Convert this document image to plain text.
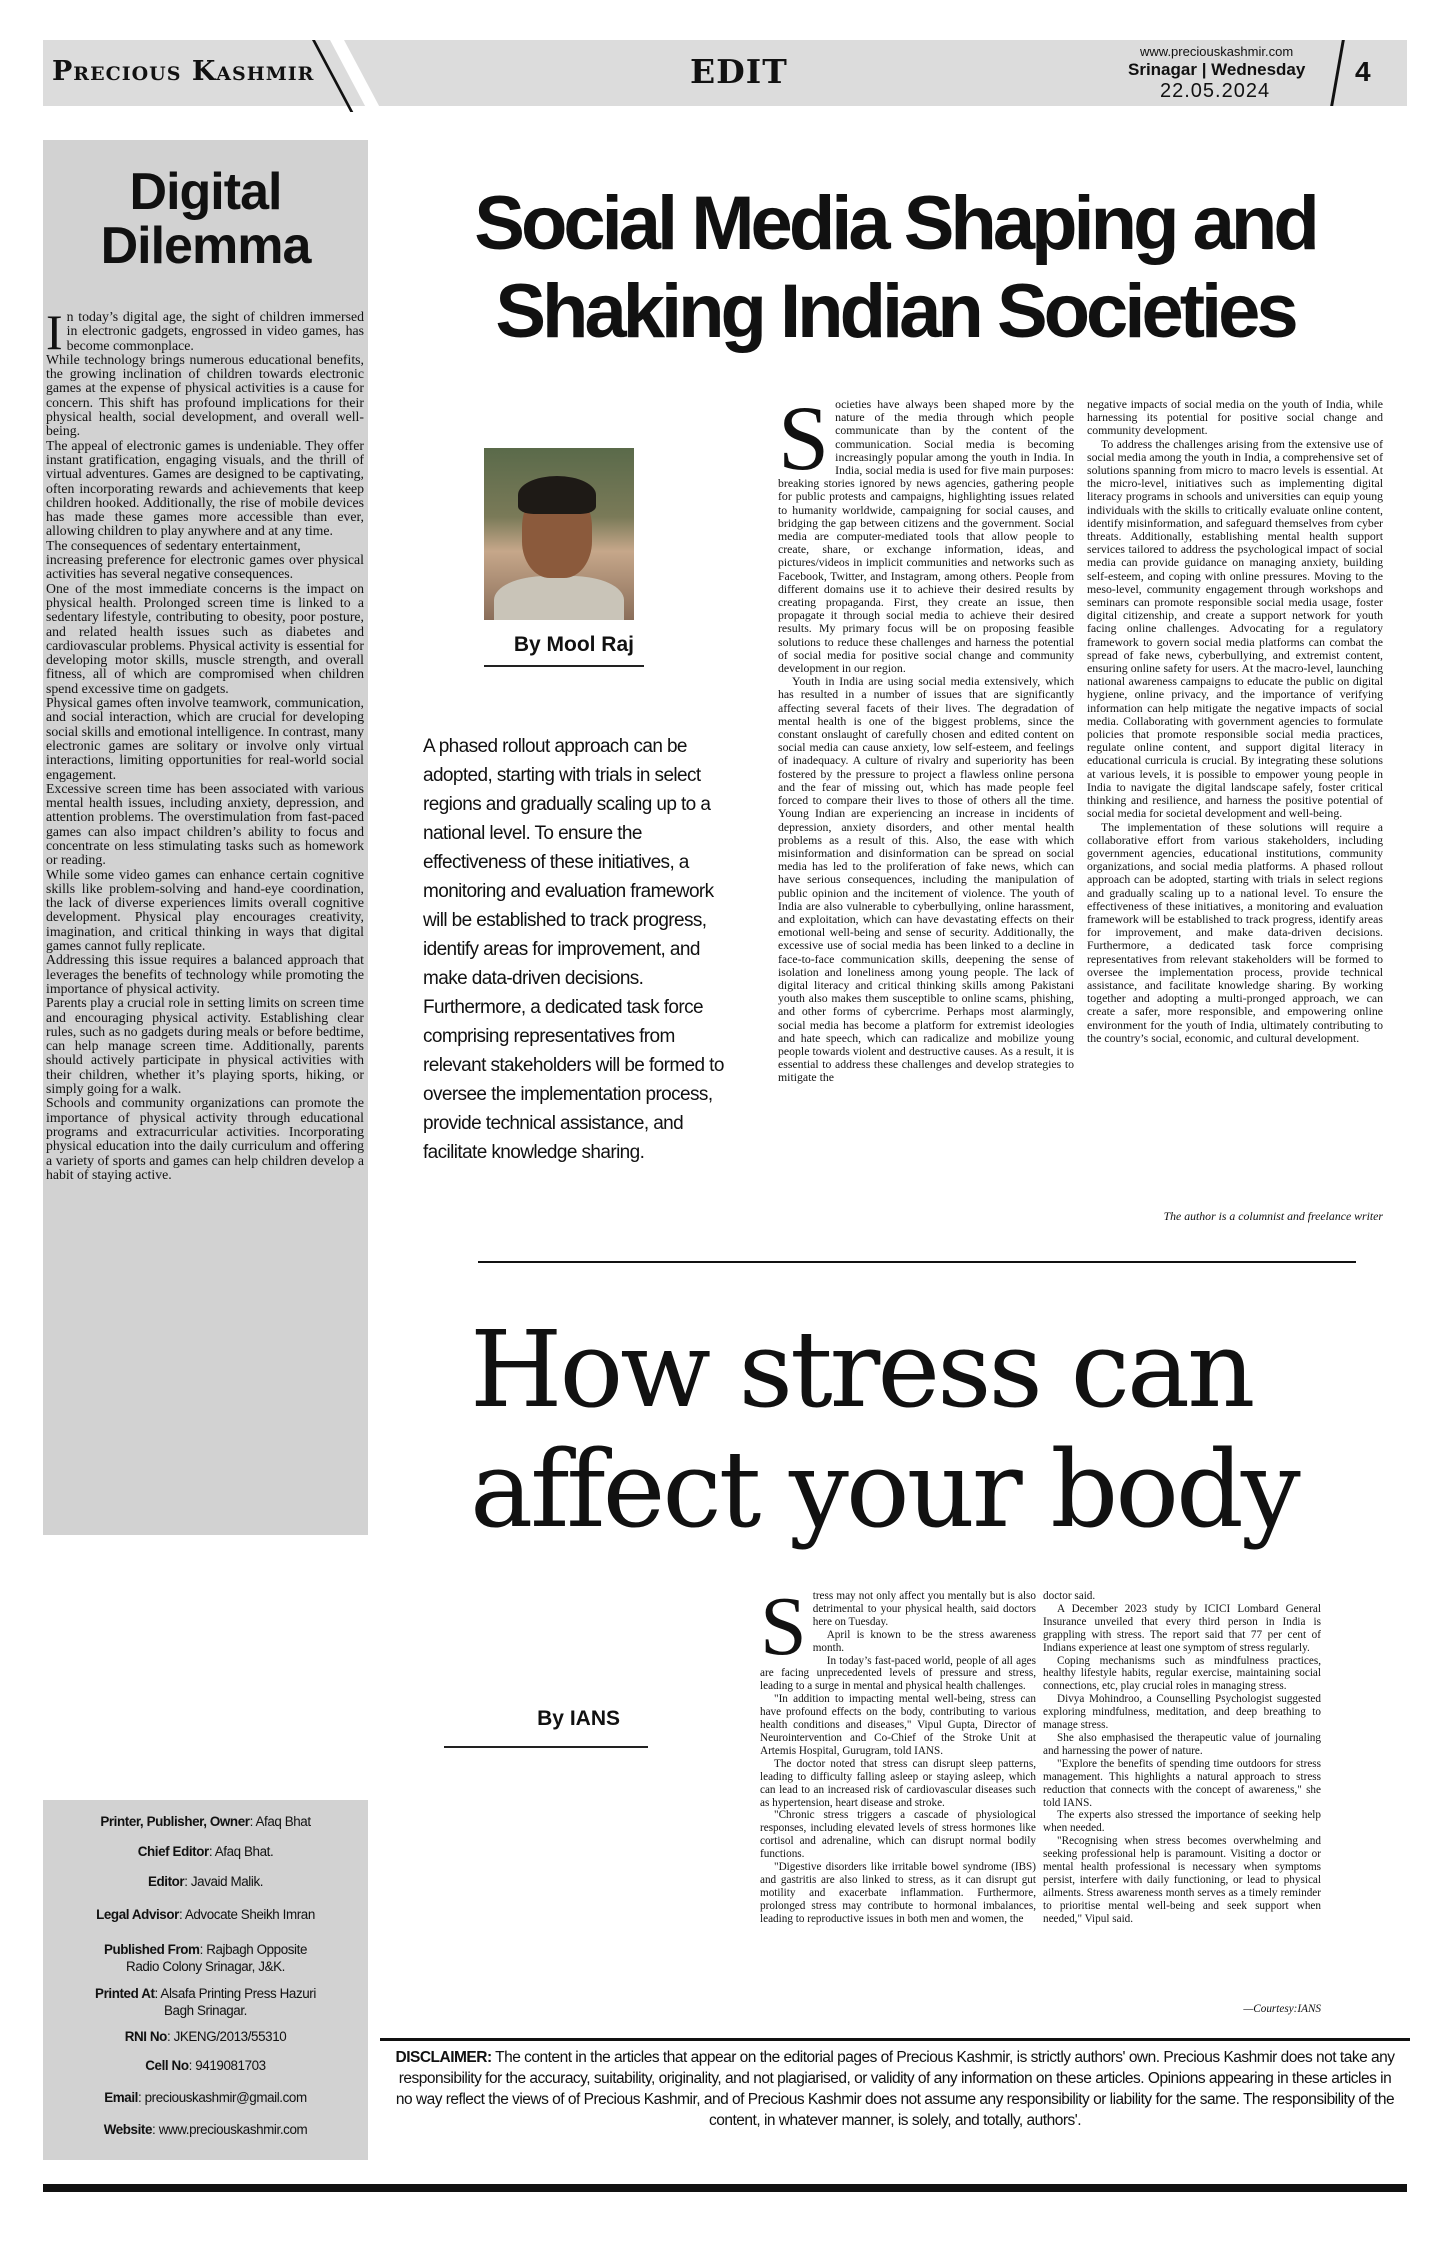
Precious Kashmir	EDIT
www.preciouskashmir.com
Srinagar | Wednesday
22.05.2024
4
Digital
Dilemma

In today’s digital age, the sight of children immersed in electronic gadgets, engrossed in video games, has become commonplace.

While technology brings numerous educational benefits, the growing inclination of children towards electronic games at the expense of physical activities is a cause for concern. This shift has profound implications for their physical health, social development, and overall well-being.

The appeal of electronic games is undeniable. They offer instant gratification, engaging visuals, and the thrill of virtual adventures. Games are designed to be captivating, often incorporating rewards and achievements that keep children hooked. Additionally, the rise of mobile devices has made these games more accessible than ever, allowing children to play anywhere and at any time.

The consequences of sedentary entertainment,

increasing preference for electronic games over physical activities has several negative consequences.

One of the most immediate concerns is the impact on physical health. Prolonged screen time is linked to a sedentary lifestyle, contributing to obesity, poor posture, and related health issues such as diabetes and cardiovascular problems. Physical activity is essential for developing motor skills, muscle strength, and overall fitness, all of which are compromised when children spend excessive time on gadgets.

Physical games often involve teamwork, communication, and social interaction, which are crucial for developing social skills and emotional intelligence. In contrast, many electronic games are solitary or involve only virtual interactions, limiting opportunities for real-world social engagement.

Excessive screen time has been associated with various mental health issues, including anxiety, depression, and attention problems. The overstimulation from fast-paced games can also impact children’s ability to focus and concentrate on less stimulating tasks such as homework or reading.

While some video games can enhance certain cognitive skills like problem-solving and hand-eye coordination, the lack of diverse experiences limits overall cognitive development. Physical play encourages creativity, imagination, and critical thinking in ways that digital games cannot fully replicate.

Addressing this issue requires a balanced approach that leverages the benefits of technology while promoting the importance of physical activity.

Parents play a crucial role in setting limits on screen time and encouraging physical activity. Establishing clear rules, such as no gadgets during meals or before bedtime, can help manage screen time. Additionally, parents should actively participate in physical activities with their children, whether it’s playing sports, hiking, or simply going for a walk.

Schools and community organizations can promote the importance of physical activity through educational programs and extracurricular activities. Incorporating physical education into the daily curriculum and offering a variety of sports and games can help children develop a habit of staying active.

Social Media Shaping and
Shaking Indian Societies
By Mool Raj
A phased rollout approach can be adopted, starting with trials in select regions and gradually scaling up to a national level. To ensure the effectiveness of these initiatives, a monitoring and evaluation framework will be established to track progress, identify areas for improvement, and make data-driven decisions. Furthermore, a dedicated task force comprising representatives from relevant stakeholders will be formed to oversee the implementation process, provide technical assistance, and facilitate knowledge sharing.

Societies have always been shaped more by the nature of the media through which people communicate than by the content of the communication. Social media is becoming increasingly popular among the youth in India. In India, social media is used for five main purposes: breaking stories ignored by news agencies, gathering people for public protests and campaigns, highlighting issues related to humanity worldwide, campaigning for social causes, and bridging the gap between citizens and the government. Social media are computer-mediated tools that allow people to create, share, or exchange information, ideas, and pictures/videos in implicit communities and networks such as Facebook, Twitter, and Instagram, among others. People from different domains use it to achieve their desired results by creating propaganda. First, they create an issue, then propagate it through social media to achieve their desired results. My primary focus will be on proposing feasible solutions to reduce these challenges and harness the potential of social media for positive social change and community development in our region.

Youth in India are using social media extensively, which has resulted in a number of issues that are significantly affecting several facets of their lives. The degradation of mental health is one of the biggest problems, since the constant onslaught of carefully chosen and edited content on social media can cause anxiety, low self-esteem, and feelings of inadequacy. A culture of rivalry and superiority has been fostered by the pressure to project a flawless online persona and the fear of missing out, which has made people feel forced to compare their lives to those of others all the time. Young Indian are experiencing an increase in incidents of depression, anxiety disorders, and other mental health problems as a result of this. Also, the ease with which misinformation and disinformation can be spread on social media has led to the proliferation of fake news, which can have serious consequences, including the manipulation of public opinion and the incitement of violence. The youth of India are also vulnerable to cyberbullying, online harassment, and exploitation, which can have devastating effects on their emotional well-being and sense of security. Additionally, the excessive use of social media has been linked to a decline in face-to-face communication skills, deepening the sense of isolation and loneliness among young people. The lack of digital literacy and critical thinking skills among Pakistani youth also makes them susceptible to online scams, phishing, and other forms of cybercrime. Perhaps most alarmingly, social media has become a platform for extremist ideologies and hate speech, which can radicalize and mobilize young people towards violent and destructive causes. As a result, it is essential to address these challenges and develop strategies to mitigate the

negative impacts of social media on the youth of India, while harnessing its potential for positive social change and community development.

To address the challenges arising from the extensive use of social media among the youth in India, a comprehensive set of solutions spanning from micro to macro levels is essential. At the micro-level, initiatives such as implementing digital literacy programs in schools and universities can equip young individuals with the skills to critically evaluate online content, identify misinformation, and safeguard themselves from cyber threats. Additionally, establishing mental health support services tailored to address the psychological impact of social media can provide guidance on managing anxiety, building self-esteem, and coping with online pressures. Moving to the meso-level, community engagement through workshops and seminars can promote responsible social media usage, foster digital citizenship, and create a support network for youth facing online challenges. Advocating for a regulatory framework to govern social media platforms can combat the spread of fake news, cyberbullying, and extremist content, ensuring online safety for users. At the macro-level, launching national awareness campaigns to educate the public on digital hygiene, online privacy, and the importance of verifying information can help mitigate the negative impacts of social media. Collaborating with government agencies to formulate policies that promote responsible social media practices, regulate online content, and support digital literacy in educational curricula is crucial. By integrating these solutions at various levels, it is possible to empower young people in India to navigate the digital landscape safely, foster critical thinking and resilience, and harness the positive potential of social media for societal development and well-being.

The implementation of these solutions will require a collaborative effort from various stakeholders, including government agencies, educational institutions, community organizations, and social media platforms. A phased rollout approach can be adopted, starting with trials in select regions and gradually scaling up to a national level. To ensure the effectiveness of these initiatives, a monitoring and evaluation framework will be established to track progress, identify areas for improvement, and make data-driven decisions. Furthermore, a dedicated task force comprising representatives from relevant stakeholders will be formed to oversee the implementation process, provide technical assistance, and facilitate knowledge sharing. By working together and adopting a multi-pronged approach, we can create a safer, more responsible, and empowering online environment for the youth of India, ultimately contributing to the country’s social, economic, and cultural development.

The author is a columnist and freelance writer
How stress can
affect your body
By IANS

Stress may not only affect you mentally but is also detrimental to your physical health, said doctors here on Tuesday.

April is known to be the stress awareness month.

In today’s fast-paced world, people of all ages are facing unprecedented levels of pressure and stress, leading to a surge in mental and physical health challenges.

"In addition to impacting mental well-being, stress can have profound effects on the body, contributing to various health conditions and diseases," Vipul Gupta, Director of Neurointervention and Co-Chief of the Stroke Unit at Artemis Hospital, Gurugram, told IANS.

The doctor noted that stress can disrupt sleep patterns, leading to difficulty falling asleep or staying asleep, which can lead to an increased risk of cardiovascular diseases such as hypertension, heart disease and stroke.

"Chronic stress triggers a cascade of physiological responses, including elevated levels of stress hormones like cortisol and adrenaline, which can disrupt normal bodily functions.

"Digestive disorders like irritable bowel syndrome (IBS) and gastritis are also linked to stress, as it can disrupt gut motility and exacerbate inflammation. Furthermore, prolonged stress may contribute to hormonal imbalances, leading to reproductive issues in both men and women, the

doctor said.

A December 2023 study by ICICI Lombard General Insurance unveiled that every third person in India is grappling with stress. The report said that 77 per cent of Indians experience at least one symptom of stress regularly.

Coping mechanisms such as mindfulness practices, healthy lifestyle habits, regular exercise, maintaining social connections, etc, play crucial roles in managing stress.

Divya Mohindroo, a Counselling Psychologist suggested exploring mindfulness, meditation, and deep breathing to manage stress.

She also emphasised the therapeutic value of journaling and harnessing the power of nature.

"Explore the benefits of spending time outdoors for stress management. This highlights a natural approach to stress reduction that connects with the concept of awareness," she told IANS.

The experts also stressed the importance of seeking help when needed.

"Recognising when stress becomes overwhelming and seeking professional help is paramount. Visiting a doctor or mental health professional is necessary when symptoms persist, interfere with daily functioning, or lead to physical ailments. Stress awareness month serves as a timely reminder to prioritise mental well-being and seek support when needed," Vipul said.

—Courtesy:IANS
Printer, Publisher, Owner: Afaq Bhat
Chief Editor: Afaq Bhat.
Editor: Javaid Malik.
Legal Advisor: Advocate Sheikh Imran
Published From: Rajbagh Opposite Radio Colony Srinagar, J&K.
Printed At: Alsafa Printing Press Hazuri Bagh Srinagar.
RNI No: JKENG/2013/55310
Cell No: 9419081703
Email: preciouskashmir@gmail.com
Website: www.preciouskashmir.com
DISCLAIMER: The content in the articles that appear on the editorial pages of Precious Kashmir, is strictly authors' own. Precious Kashmir does not take any responsibility for the accuracy, suitability, originality, and not plagiarised, or validity of any information on these articles. Opinions appearing in these articles in no way reflect the views of of Precious Kashmir, and of Precious Kashmir does not assume any responsibility or liability for the same. The responsibility of the content, in whatever manner, is solely, and totally, authors'.
